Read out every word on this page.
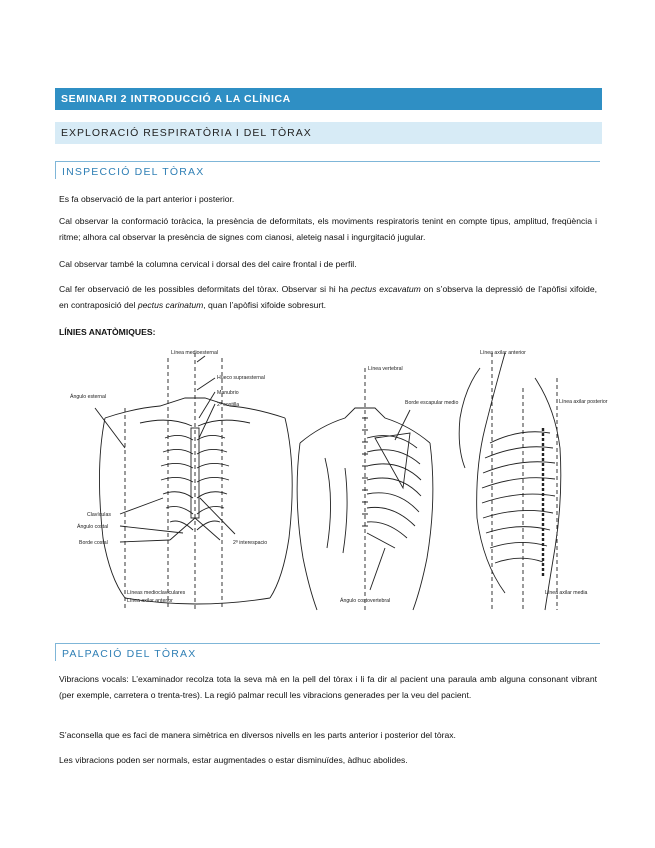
SEMINARI 2 INTRODUCCIÓ A LA CLÍNICA
EXPLORACIÓ RESPIRATÒRIA I DEL TÒRAX
INSPECCIÓ DEL TÒRAX
Es fa observació de la part anterior i posterior.
Cal observar la conformació toràcica, la presència de deformitats, els moviments respiratoris tenint en compte tipus, amplitud, freqüència i ritme; alhora cal observar la presència de signes com cianosi, aleteig nasal i ingurgitació jugular.
Cal observar també la columna cervical i dorsal des del caire frontal i de perfil.
Cal fer observació de les possibles deformitats del tòrax. Observar si hi ha pectus excavatum on s’observa la depressió de l’apòfisi xifoide, en contraposició del pectus carinatum, quan l’apòfisi xifoide sobresurt.
LÍNIES ANATÒMIQUES:
Línea medioesternal
Hueco supraesternal
Manubrio
2ª costilla
Ángulo esternal
Clavículas
Ángulo costal
Borde costal	2º interespacio
Líneas medioclaviculares
Línea axilar anterior
Línea vertebral
Borde escapular medio
Ángulo costovertebral
Línea axilar anterior
Línea axilar posterior
Línea axilar media
PALPACIÓ DEL TÒRAX
Vibracions vocals: L’examinador recolza tota la seva mà en la pell del tòrax i li fa dir al pacient una paraula amb alguna consonant vibrant (per exemple, carretera o trenta-tres). La regió palmar recull les vibracions generades per la veu del pacient.
S’aconsella que es faci de manera simètrica en diversos nivells en les parts anterior i posterior del tòrax.
Les vibracions poden ser normals, estar augmentades o estar disminuïdes, àdhuc abolides.
